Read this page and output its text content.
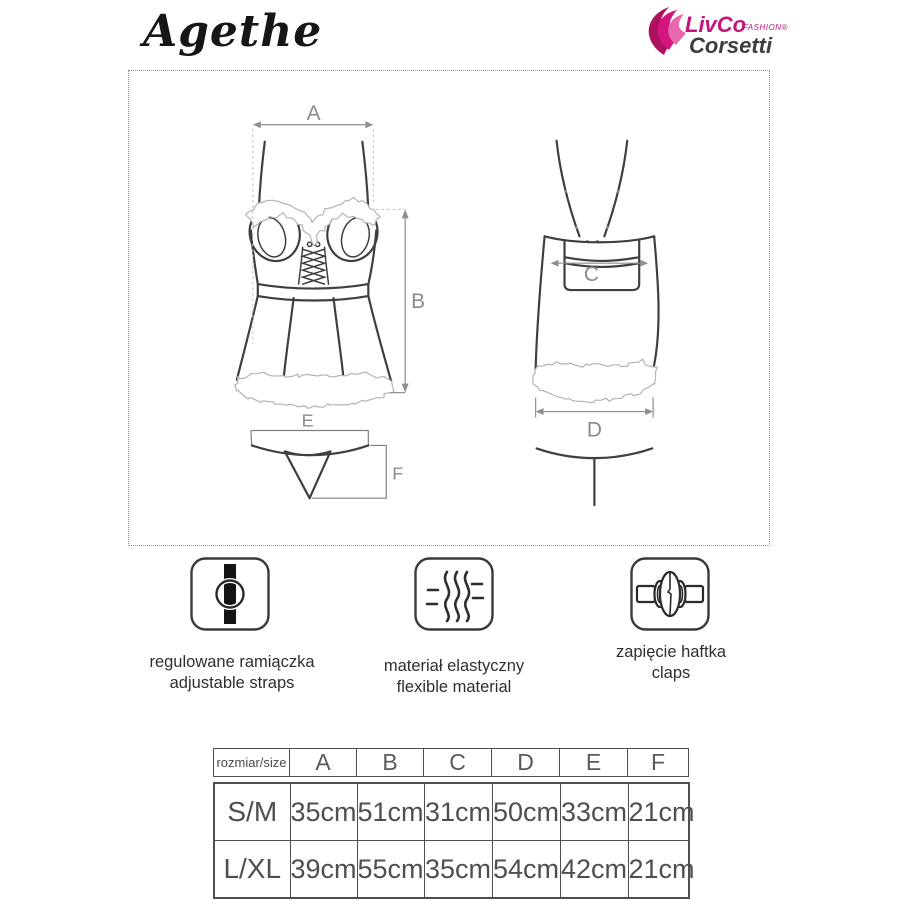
Agethe	LivCo
FASHION®
Corsetti
A
B
C
D
E
F
regulowane ramiączka
adjustable straps
materiał elastyczny
flexible material
zapięcie haftka
claps
rozmiar/size	A	B	C	D	E	F
S/M	35cm	51cm	31cm	50cm	33cm	21cm
L/XL	39cm	55cm	35cm	54cm	42cm	21cm
